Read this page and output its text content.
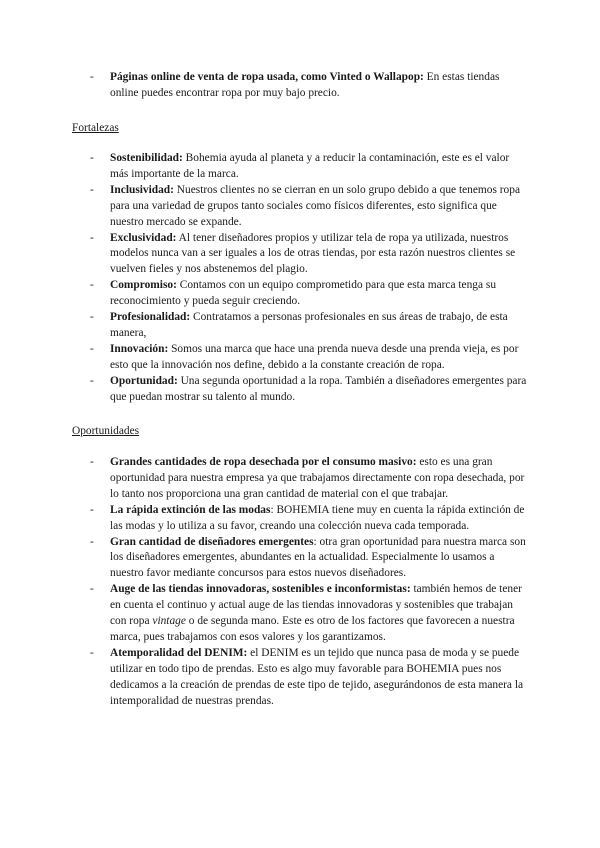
- Páginas online de venta de ropa usada, como Vinted o Wallapop: En estas tiendas online puedes encontrar ropa por muy bajo precio.

Fortalezas

- Sostenibilidad: Bohemia ayuda al planeta y a reducir la contaminación, este es el valor más importante de la marca.
- Inclusividad: Nuestros clientes no se cierran en un solo grupo debido a que tenemos ropa para una variedad de grupos tanto sociales como físicos diferentes, esto significa que nuestro mercado se expande.
- Exclusividad: Al tener diseñadores propios y utilizar tela de ropa ya utilizada, nuestros modelos nunca van a ser iguales a los de otras tiendas, por esta razón nuestros clientes se vuelven fieles y nos abstenemos del plagio.
- Compromiso: Contamos con un equipo comprometido para que esta marca tenga su reconocimiento y pueda seguir creciendo.
- Profesionalidad: Contratamos a personas profesionales en sus áreas de trabajo, de esta manera,
- Innovación: Somos una marca que hace una prenda nueva desde una prenda vieja, es por esto que la innovación nos define, debido a la constante creación de ropa.
- Oportunidad: Una segunda oportunidad a la ropa. También a diseñadores emergentes para que puedan mostrar su talento al mundo.

Oportunidades

- Grandes cantidades de ropa desechada por el consumo masivo: esto es una gran oportunidad para nuestra empresa ya que trabajamos directamente con ropa desechada, por lo tanto nos proporciona una gran cantidad de material con el que trabajar.
- La rápida extinción de las modas: BOHEMIA tiene muy en cuenta la rápida extinción de las modas y lo utiliza a su favor, creando una colección nueva cada temporada.
- Gran cantidad de diseñadores emergentes: otra gran oportunidad para nuestra marca son los diseñadores emergentes, abundantes en la actualidad. Especialmente lo usamos a nuestro favor mediante concursos para estos nuevos diseñadores.
- Auge de las tiendas innovadoras, sostenibles e inconformistas: también hemos de tener en cuenta el continuo y actual auge de las tiendas innovadoras y sostenibles que trabajan con ropa vintage o de segunda mano. Este es otro de los factores que favorecen a nuestra marca, pues trabajamos con esos valores y los garantizamos.
- Atemporalidad del DENIM: el DENIM es un tejido que nunca pasa de moda y se puede utilizar en todo tipo de prendas. Esto es algo muy favorable para BOHEMIA pues nos dedicamos a la creación de prendas de este tipo de tejido, asegurándonos de esta manera la intemporalidad de nuestras prendas.
